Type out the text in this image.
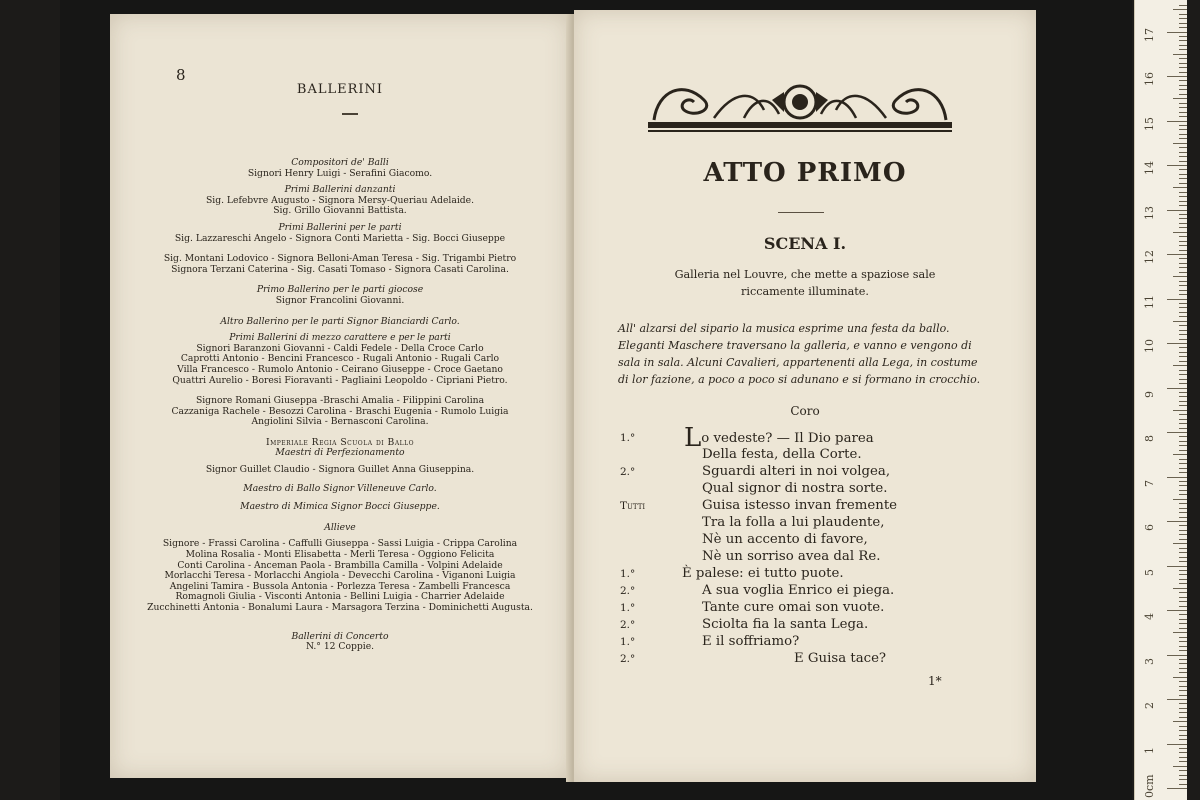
8
BALLERINI
Compositori de' Balli
Signori Henry Luigi - Serafini Giacomo.
Primi Ballerini danzanti
Sig. Lefebvre Augusto - Signora Mersy-Queriau Adelaide.
Sig. Grillo Giovanni Battista.
Primi Ballerini per le parti
Sig. Lazzareschi Angelo - Signora Conti Marietta - Sig. Bocci Giuseppe
Sig. Montani Lodovico - Signora Belloni-Aman Teresa - Sig. Trigambi Pietro
Signora Terzani Caterina - Sig. Casati Tomaso - Signora Casati Carolina.
Primo Ballerino per le parti giocose
Signor Francolini Giovanni.
Altro Ballerino per le parti Signor Bianciardi Carlo.
Primi Ballerini di mezzo carattere e per le parti
Signori Baranzoni Giovanni - Caldi Fedele - Della Croce Carlo
Caprotti Antonio - Bencini Francesco - Rugali Antonio - Rugali Carlo
Villa Francesco - Rumolo Antonio - Ceirano Giuseppe - Croce Gaetano
Quattri Aurelio - Boresi Fioravanti - Pagliaini Leopoldo - Cipriani Pietro.
Signore Romani Giuseppa -Braschi Amalia - Filippini Carolina
Cazzaniga Rachele - Besozzi Carolina - Braschi Eugenia - Rumolo Luigia
Angiolini Silvia - Bernasconi Carolina.
Imperiale Regia Scuola di Ballo
Maestri di Perfezionamento
Signor Guillet Claudio - Signora Guillet Anna Giuseppina.
Maestro di Ballo Signor Villeneuve Carlo.
Maestro di Mimica Signor Bocci Giuseppe.
Allieve
Signore - Frassi Carolina - Caffulli Giuseppa - Sassi Luigia - Crippa Carolina
Molina Rosalia - Monti Elisabetta - Merli Teresa - Oggiono Felicita
Conti Carolina - Anceman Paola - Brambilla Camilla - Volpini Adelaide
Morlacchi Teresa - Morlacchi Angiola - Devecchi Carolina - Viganoni Luigia
Angelini Tamira - Bussola Antonia - Porlezza Teresa - Zambelli Francesca
Romagnoli Giulia - Visconti Antonia - Bellini Luigia - Charrier Adelaide
Zucchinetti Antonia - Bonalumi Laura - Marsagora Terzina - Dominichetti Augusta.
Ballerini di Concerto
N.° 12 Coppie.
ATTO PRIMO
SCENA I.
Galleria nel Louvre, che mette a spaziose sale
riccamente illuminate.
All' alzarsi del sipario la musica esprime una festa da ballo. Eleganti Maschere traversano la galleria, e vanno e vengono di sala in sala. Alcuni Cavalieri, appartenenti alla Lega, in costume di lor fazione, a poco a poco si adunano e si formano in crocchio.
Coro
1.° Lo vedeste? — Il Dio parea
Della festa, della Corte.
2.°	Sguardi alteri in noi volgea,
Qual signor di nostra sorte.
Tutti	Guisa istesso invan fremente
Tra la folla a lui plaudente,
Nè un accento di favore,
Nè un sorriso avea dal Re.
1.°	È palese: ei tutto puote.
2.°	A sua voglia Enrico ei piega.
1.°	Tante cure omai son vuote.
2.°	Sciolta fia la santa Lega.
1.°	E il soffriamo?
2.°	E Guisa tace?
1*
0cm
1
2
3
4
5
6
7
8
9
10
11
12
13
14
15
16
17
